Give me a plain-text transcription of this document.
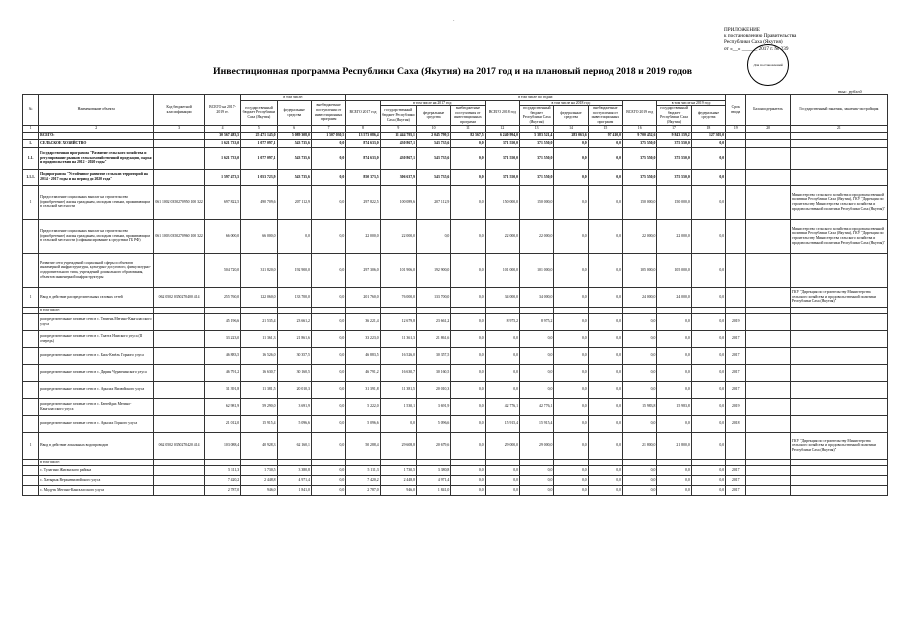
·
ПРИЛОЖЕНИЕ
к постановлению Правительства
Республики Саха (Якутия)
от «__» ______ 2017 г. № 239
Для постановлений
Инвестиционная программа Республики Саха (Якутия) на 2017 год и на плановый период 2018 и 2019 годов
тыс. рублей
№	Наименование объекта	Код бюджетной классификации	ВСЕГО на 2017-2019 гг.	в том числе:			в том числе по годам:											Срок ввода	Балансодержатель	Государственный заказчик, заказчик-застройщик
				государственный бюджет Республики Саха (Якутия)	федеральные средства	внебюджетные поступления от инвестиционных программ	ВСЕГО 2017 год	в том числе на 2017 год:			ВСЕГО 2018 год	в том числе на 2018 год:			ВСЕГО 2019 год	в том числе на 2019 год:				
								государственный бюджет Республики Саха (Якутия)	федеральные средства	внебюджетные поступления от инвестиционных программ		государственный бюджет Республики Саха (Якутия)	федеральные средства	внебюджетные поступления от инвестиционных программ		государственный бюджет Республики Саха (Якутия)	федеральные средства			
1	2	3	4	5	6	7	8	9	10	11	12	13	14	15	16	17	18	19	20	21
	ВСЕГО:		30 567 483,5	25 471 145,0	5 089 308,0	1 507 030,5	13 573 086,4	11 444 795,1	2 045 799,5	82 567,5	6 240 994,0	5 383 521,4	283 063,6	97 410,0	9 700 452,6	9 843 159,2	127 305,0			
1.	СЕЛЬСКОЕ ХОЗЯЙСТВО		1 621 733,0	1 077 097,1	543 735,6	0,0	874 633,0	430 867,1	543 735,6	0,0	371 550,0	371 550,0	0,0	0,0	375 550,0	375 550,0	0,0			
1.1.	Государственная программа "Развитие сельского хозяйства и регулирование рынков сельскохозяйственной продукции, сырья и продовольствия на 2012 - 2020 годы"		1 621 733,0	1 077 097,1	543 735,6	0,0	874 633,0	430 867,1	543 735,6	0,0	371 550,0	371 550,0	0,0	0,0	375 550,0	375 550,0	0,0			
1.1.1.	Подпрограмма "Устойчивое развитие сельских территорий на 2014 - 2017 годы и на период до 2020 года"		1 597 473,5	1 053 723,9	543 735,6	0,0	850 373,5	306 637,9	543 735,6	0,0	371 550,0	371 550,0	0,0	0,0	375 550,0	375 550,0	0,0			
1	Предоставление социальных выплат на строительство (приобретение) жилья гражданам, молодым семьям, проживающим в сельской местности	061 1002 0350270950 100 322	697 822,5	490 709,6	207 112,9	0,0	297 822,5	100 089,6	207 112,9	0,0	150 000,0	150 000,0	0,0	0,0	150 000,0	150 000,0	0,0			Министерство сельского хозяйства и продовольственной политики Республики Саха (Якутия), ГКУ "Дирекция по строительству Министерства сельского хозяйства и продовольственной политики Республики Саха (Якутия)"
	Предоставление социальных выплат на строительство (приобретение) жилья гражданам, молодым семьям, проживающим в сельской местности (софинансирование к средствам ГБ РФ)	061 1003 0350270960 100 322	66 000,0	66 000,0	0,0	0,0	22 000,0	22 000,0	0,0	0,0	22 000,0	22 000,0	0,0	0,0	22 000,0	22 000,0	0,0			Министерство сельского хозяйства и продовольственной политики Республики Саха (Якутия), ГКУ "Дирекция по строительству Министерства сельского хозяйства и продовольственной политики Республики Саха (Якутия)"
	Развитие сети учреждений социальной сферы и объектов инженерной инфраструктуры, культурно-досугового, физкультурно-оздоровительного типа, учреждений дошкольного образования, объектов инженерной инфраструктуры		504 720,0	311 820,0	192 900,0	0,0	297 306,0	101 906,0	192 900,0	0,0	101 000,0	101 000,0	0,0	0,0	105 000,0	105 000,0	0,0			
1	Ввод в действие распределительных газовых сетей	062 0502 0350270400 414	255 760,0	122 060,0	133 700,0	0,0	201 760,0	76 000,0	133 700,0	0,0	34 000,0	34 000,0	0,0	0,0	24 000,0	24 000,0	0,0			ГКУ "Дирекция по строительству Министерства сельского хозяйства и продовольственной политики Республики Саха (Якутия)"
	в том числе:																			
	распределительные газовые сети в с. Тюмень Мегино-Кангаласского улуса		45 196,6	21 535,4	23 661,2	0,0	36 221,4	12 679,8	23 661,2	0,0	8 975,2	8 975,2	0,0	0,0	0,0	0,0	0,0	2019		
	распределительные газовые сети в с. Таатта Намского улуса (II очередь)		33 223,0	11 361,3	21 861,6	0,0	33 223,0	11 361,3	21 861,6	0,0	0,0	0,0	0,0	0,0	0,0	0,0	0,0	2017		
	распределительные газовые сети в с. Бясь-Кюёль Горного улуса		46 883,5	16 526,0	30 357,5	0,0	46 883,5	16 526,0	30 357,5	0,0	0,0	0,0	0,0	0,0	0,0	0,0	0,0	2017		
	распределительные газовые сети в с. Дирин Чурапчинского улуса		46 791,2	16 630,7	30 160,5	0,0	46 791,2	16 630,7	30 160,5	0,0	0,0	0,0	0,0	0,0	0,0	0,0	0,0	2017		
	распределительные газовые сети в с. Арылах Вилюйского улуса		31 391,8	11 381,5	20 010,3	0,0	31 391,8	11 381,5	20 010,3	0,0	0,0	0,0	0,0	0,0	0,0	0,0	0,0	2017		
	распределительные газовые сети в с. Бютейдях Мегино-Кангаласского улуса		62 981,9	59 290,0	3 691,9	0,0	5 222,0	1 530,1	3 691,9	0,0	42 776,1	42 776,1	0,0	0,0	15 983,8	15 983,8	0,0	2019		
	распределительные газовые сети в с. Арылах Горного улуса		21 012,0	15 915,4	5 096,6	0,0	5 096,6	0,0	5 096,6	0,0	15 915,4	15 915,4	0,0	0,0	0,0	0,0	0,0	2018		
1	Ввод в действие локальных водопроводов	062 0502 0350270420 414	103 088,4	40 928,3	62 160,1	0,0	50 288,4	29 608,8	20 679,6	0,0	29 000,0	29 000,0	0,0	0,0	21 800,0	21 800,0	0,0			ГКУ "Дирекция по строительству Министерства сельского хозяйства и продовольственной политики Республики Саха (Якутия)"
	в том числе:																			
	с. Тулагино Жиганского района		5 111,3	1 730,5	3 380,8	0,0	5 111,3	1 730,5	3 380,8	0,0	0,0	0,0	0,0	0,0	0,0	0,0	0,0	2017		
	с. Хатырык Верхневилюйского улуса		7 420,2	2 448,8	4 971,4	0,0	7 420,2	2 448,8	4 971,4	0,0	0,0	0,0	0,0	0,0	0,0	0,0	0,0	2017		
	с. Модутк Мегино-Кангаласского улуса		2 787,0	946,0	1 841,0	0,0	2 787,0	946,0	1 841,0	0,0	0,0	0,0	0,0	0,0	0,0	0,0	0,0	2017		
